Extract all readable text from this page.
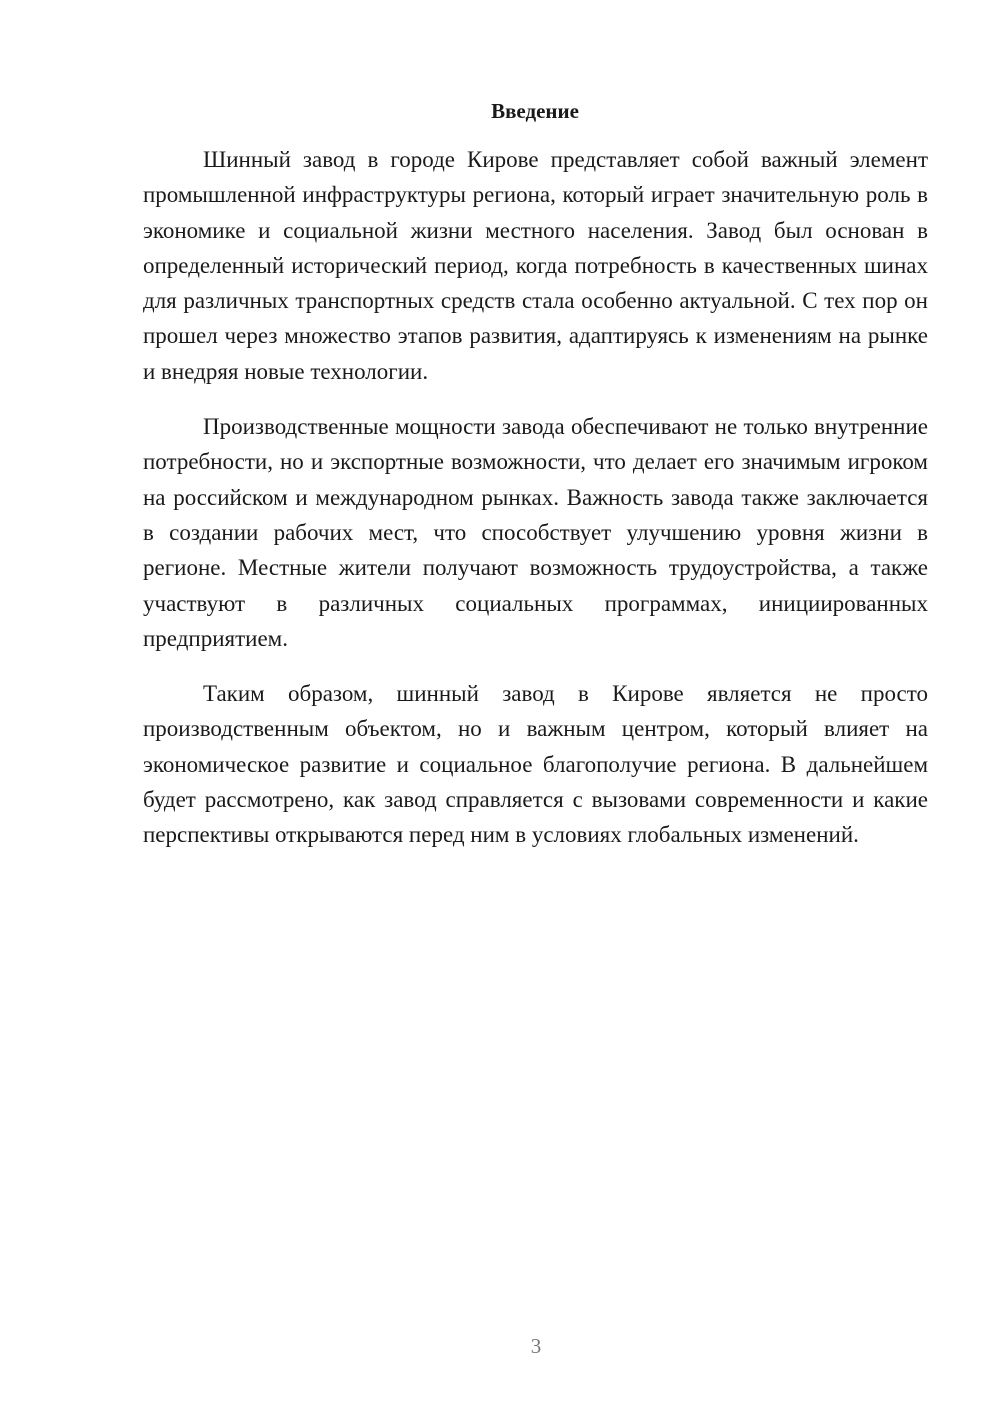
Введение

Шинный завод в городе Кирове представляет собой важный элемент промышленной инфраструктуры региона, который играет значительную роль в экономике и социальной жизни местного населения. Завод был основан в определенный исторический период, когда потребность в качественных шинах для различных транспортных средств стала особенно актуальной. С тех пор он прошел через множество этапов развития, адаптируясь к изменениям на рынке и внедряя новые технологии.

Производственные мощности завода обеспечивают не только внутренние потребности, но и экспортные возможности, что делает его значимым игроком на российском и международном рынках. Важность завода также заключается в создании рабочих мест, что способствует улучшению уровня жизни в регионе. Местные жители получают возможность трудоустройства, а также участвуют в различных социальных программах, инициированных предприятием.

Таким образом, шинный завод в Кирове является не просто производственным объектом, но и важным центром, который влияет на экономическое развитие и социальное благополучие региона. В дальнейшем будет рассмотрено, как завод справляется с вызовами современности и какие перспективы открываются перед ним в условиях глобальных изменений.

3
